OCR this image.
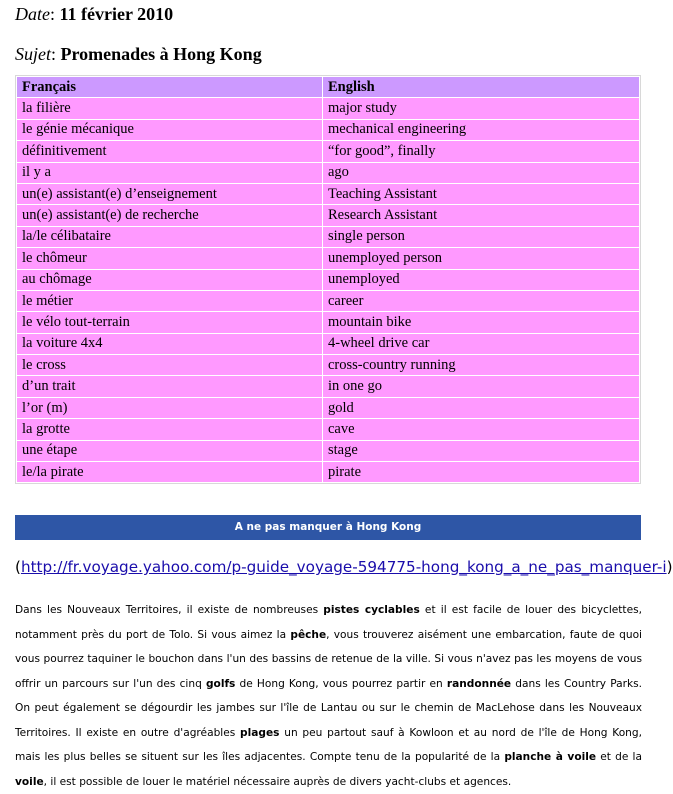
Date: 11 février 2010
Sujet: Promenades à Hong Kong
Français	English
la filière	major study
le génie mécanique	mechanical engineering
définitivement	“for good”, finally
il y a	ago
un(e) assistant(e) d’enseignement	Teaching Assistant
un(e) assistant(e) de recherche	Research Assistant
la/le célibataire	single person
le chômeur	unemployed person
au chômage	unemployed
le métier	career
le vélo tout-terrain	mountain bike
la voiture 4x4	4-wheel drive car
le cross	cross-country running
d’un trait	in one go
l’or (m)	gold
la grotte	cave
une étape	stage
le/la pirate	pirate
A ne pas manquer à Hong Kong
(http://fr.voyage.yahoo.com/p-guide_voyage-594775-hong_kong_a_ne_pas_manquer-i)

Dans les Nouveaux Territoires, il existe de nombreuses pistes cyclables et il est facile de louer des bicyclettes, notamment près du port de Tolo. Si vous aimez la pêche, vous trouverez aisément une embarcation, faute de quoi vous pourrez taquiner le bouchon dans l'un des bassins de retenue de la ville. Si vous n'avez pas les moyens de vous offrir un parcours sur l'un des cinq golfs de Hong Kong, vous pourrez partir en randonnée dans les Country Parks. On peut également se dégourdir les jambes sur l'île de Lantau ou sur le chemin de MacLehose dans les Nouveaux Territoires. Il existe en outre d'agréables plages un peu partout sauf à Kowloon et au nord de l'île de Hong Kong, mais les plus belles se situent sur les îles adjacentes. Compte tenu de la popularité de la planche à voile et de la voile, il est possible de louer le matériel nécessaire auprès de divers yacht-clubs et agences.
